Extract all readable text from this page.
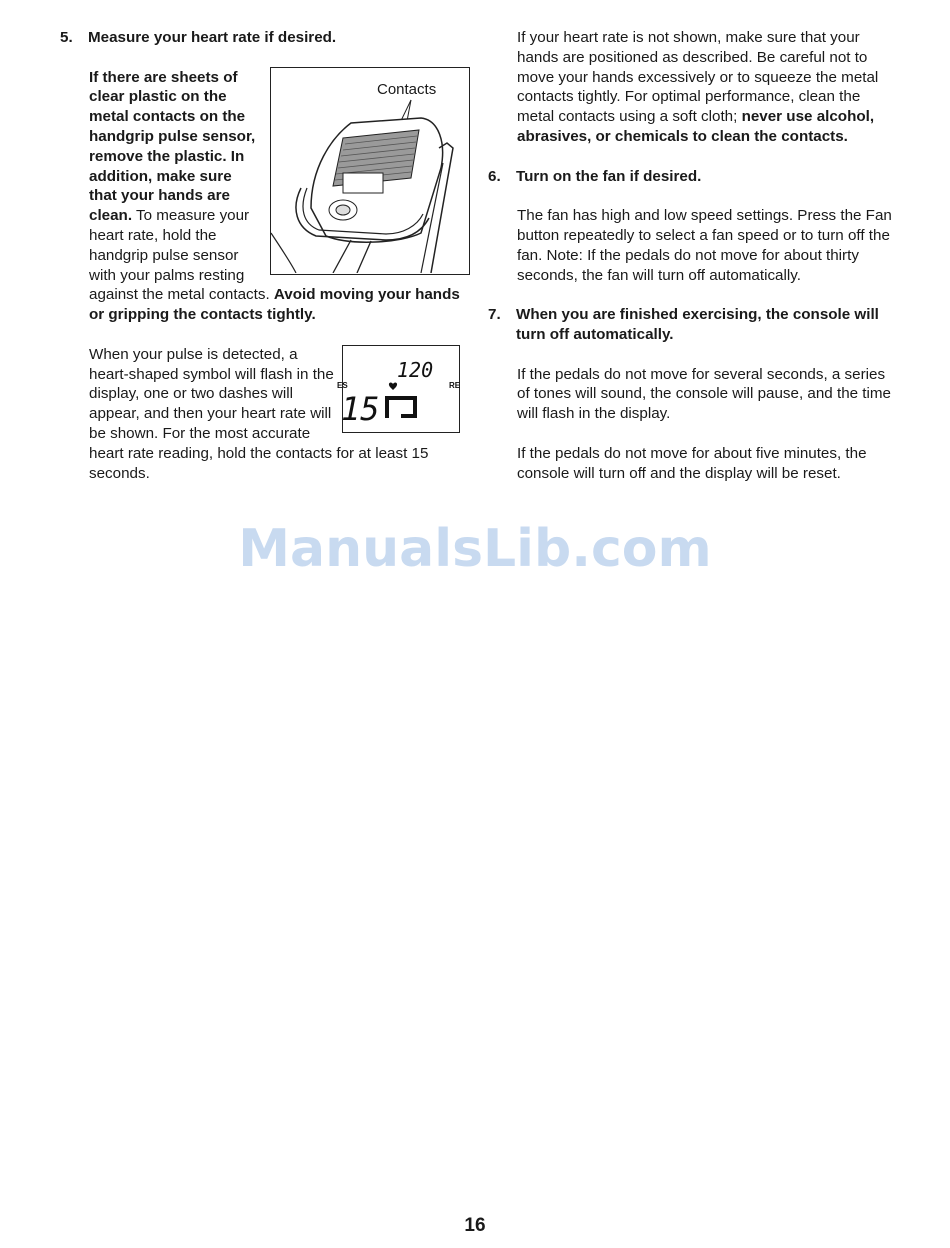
5.	Measure your heart rate if desired.
Contacts

If there are sheets of clear plastic on the metal contacts on the handgrip pulse sensor, remove the plastic. In addition, make sure that your hands are clean. To measure your heart rate, hold the handgrip pulse sensor with your palms resting against the metal contacts. Avoid moving your hands or gripping the contacts tightly.

120
ES	RE
15

When your pulse is detected, a heart-shaped symbol will flash in the display, one or two dashes will appear, and then your heart rate will be shown. For the most accurate heart rate reading, hold the contacts for at least 15 seconds.

If your heart rate is not shown, make sure that your hands are positioned as described. Be careful not to move your hands excessively or to squeeze the metal contacts tightly. For optimal performance, clean the metal contacts using a soft cloth; never use alcohol, abrasives, or chemicals to clean the contacts.

6.	Turn on the fan if desired.

The fan has high and low speed settings. Press the Fan button repeatedly to select a fan speed or to turn off the fan. Note: If the pedals do not move for about thirty seconds, the fan will turn off automatically.

7.	When you are finished exercising, the console will turn off automatically.

If the pedals do not move for several seconds, a series of tones will sound, the console will pause, and the time will flash in the display.

If the pedals do not move for about five minutes, the console will turn off and the display will be reset.

ManualsLib.com
16
